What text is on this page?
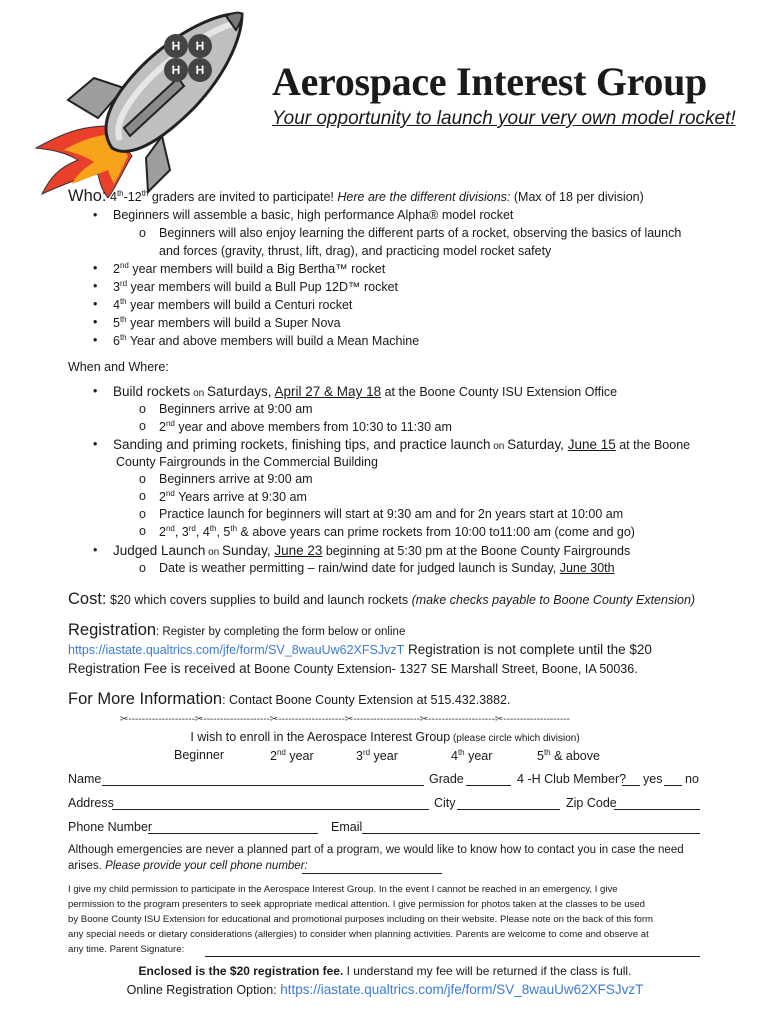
H H
H H Aerospace Interest Group
Your opportunity to launch your very own model rocket!
Who: 4th-12th graders are invited to participate! Here are the different divisions: (Max of 18 per division)
• Beginners will assemble a basic, high performance Alpha® model rocket
o Beginners will also enjoy learning the different parts of a rocket, observing the basics of launch
and forces (gravity, thrust, lift, drag), and practicing model rocket safety
• 2nd year members will build a Big Bertha™ rocket
• 3rd year members will build a Bull Pup 12D™ rocket
• 4th year members will build a Centuri rocket
• 5th year members will build a Super Nova
• 6th Year and above members will build a Mean Machine
When and Where:
• Build rockets on Saturdays, April 27 & May 18 at the Boone County ISU Extension Office
o Beginners arrive at 9:00 am
o 2nd year and above members from 10:30 to 11:30 am
• Sanding and priming rockets, finishing tips, and practice launch on Saturday, June 15 at the Boone
County Fairgrounds in the Commercial Building
o Beginners arrive at 9:00 am
o 2nd Years arrive at 9:30 am
o Practice launch for beginners will start at 9:30 am and for 2n years start at 10:00 am
o 2nd, 3rd, 4th, 5th & above years can prime rockets from 10:00 to11:00 am (come and go)
• Judged Launch on Sunday, June 23 beginning at 5:30 pm at the Boone County Fairgrounds
o Date is weather permitting – rain/wind date for judged launch is Sunday, June 30th
Cost: $20 which covers supplies to build and launch rockets (make checks payable to Boone County Extension)
Registration: Register by completing the form below or online
https://iastate.qualtrics.com/jfe/form/SV_8wauUw62XFSJvzT Registration is not complete until the $20
Registration Fee is received at Boone County Extension- 1327 SE Marshall Street, Boone, IA 50036.
For More Information: Contact Boone County Extension at 515.432.3882.
✂--------------------✂--------------------✂--------------------✂--------------------✂--------------------✂--------------------
I wish to enroll in the Aerospace Interest Group (please circle which division)
Beginner	2nd year	3rd year	4th year	5th & above
Name	Grade	4 -H Club Member? yes no
Address	City	Zip Code
Phone Number	Email
Although emergencies are never a planned part of a program, we would like to know how to contact you in case the need
arises. Please provide your cell phone number:
I give my child permission to participate in the Aerospace Interest Group. In the event I cannot be reached in an emergency, I give
permission to the program presenters to seek appropriate medical attention. I give permission for photos taken at the classes to be used
by Boone County ISU Extension for educational and promotional purposes including on their website. Please note on the back of this form
any special needs or dietary considerations (allergies) to consider when planning activities. Parents are welcome to come and observe at
any time. Parent Signature:
Enclosed is the $20 registration fee. I understand my fee will be returned if the class is full.
Online Registration Option: https://iastate.qualtrics.com/jfe/form/SV_8wauUw62XFSJvzT
